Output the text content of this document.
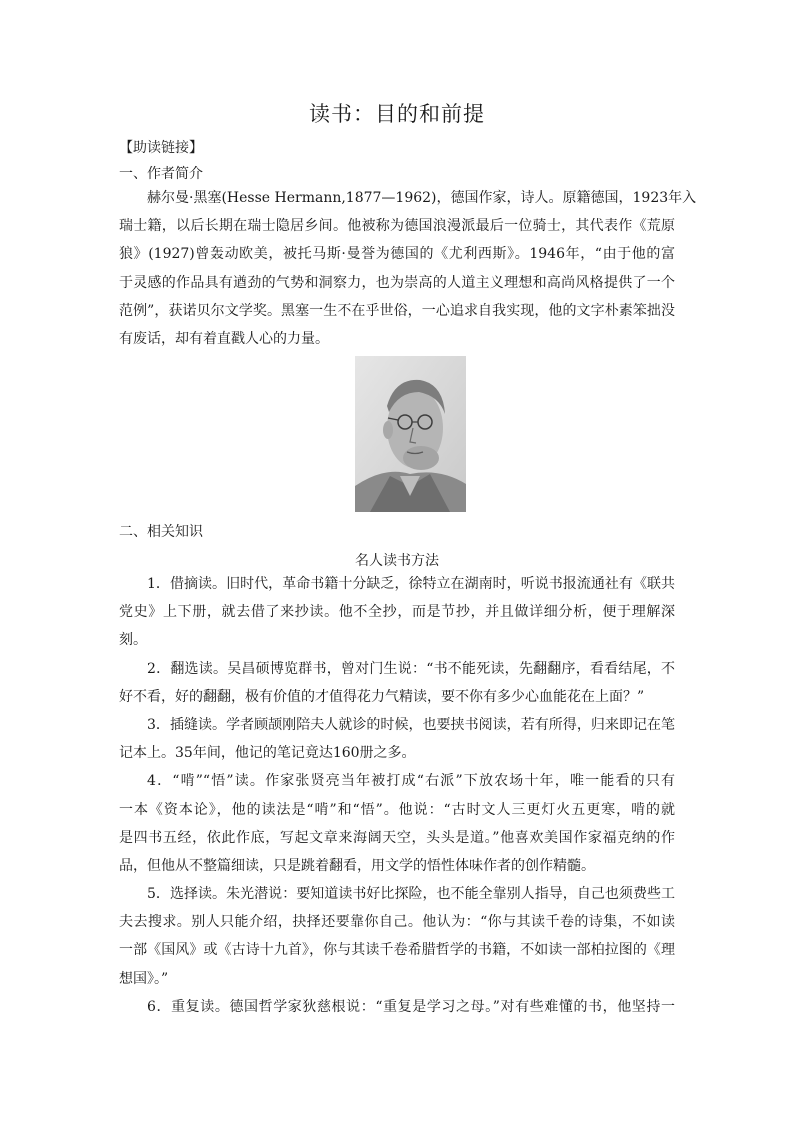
读书：目的和前提
【助读链接】
一、作者简介
赫尔曼·黑塞(Hesse Hermann,1877—1962)，德国作家，诗人。原籍德国，1923年入
瑞士籍，以后长期在瑞士隐居乡间。他被称为德国浪漫派最后一位骑士，其代表作《荒原
狼》(1927)曾轰动欧美，被托马斯·曼誉为德国的《尤利西斯》。1946年，“由于他的富
于灵感的作品具有遒劲的气势和洞察力，也为崇高的人道主义理想和高尚风格提供了一个
范例”，获诺贝尔文学奖。黑塞一生不在乎世俗，一心追求自我实现，他的文字朴素笨拙没
有废话，却有着直戳人心的力量。
二、相关知识
名人读书方法
1．借摘读。旧时代，革命书籍十分缺乏，徐特立在湖南时，听说书报流通社有《联共
党史》上下册，就去借了来抄读。他不全抄，而是节抄，并且做详细分析，便于理解深
刻。
2．翻选读。吴昌硕博览群书，曾对门生说：“书不能死读，先翻翻序，看看结尾，不
好不看，好的翻翻，极有价值的才值得花力气精读，要不你有多少心血能花在上面？”
3．插缝读。学者顾颉刚陪夫人就诊的时候，也要挟书阅读，若有所得，归来即记在笔
记本上。35年间，他记的笔记竟达160册之多。
4．“啃”“悟”读。作家张贤亮当年被打成“右派”下放农场十年，唯一能看的只有
一本《资本论》，他的读法是“啃”和“悟”。他说：“古时文人三更灯火五更寒，啃的就
是四书五经，依此作底，写起文章来海阔天空，头头是道。”他喜欢美国作家福克纳的作
品，但他从不整篇细读，只是跳着翻看，用文学的悟性体味作者的创作精髓。
5．选择读。朱光潜说：要知道读书好比探险，也不能全靠别人指导，自己也须费些工
夫去搜求。别人只能介绍，抉择还要靠你自己。他认为：“你与其读千卷的诗集，不如读
一部《国风》或《古诗十九首》，你与其读千卷希腊哲学的书籍，不如读一部柏拉图的《理
想国》。”
6．重复读。德国哲学家狄慈根说：“重复是学习之母。”对有些难懂的书，他坚持一
